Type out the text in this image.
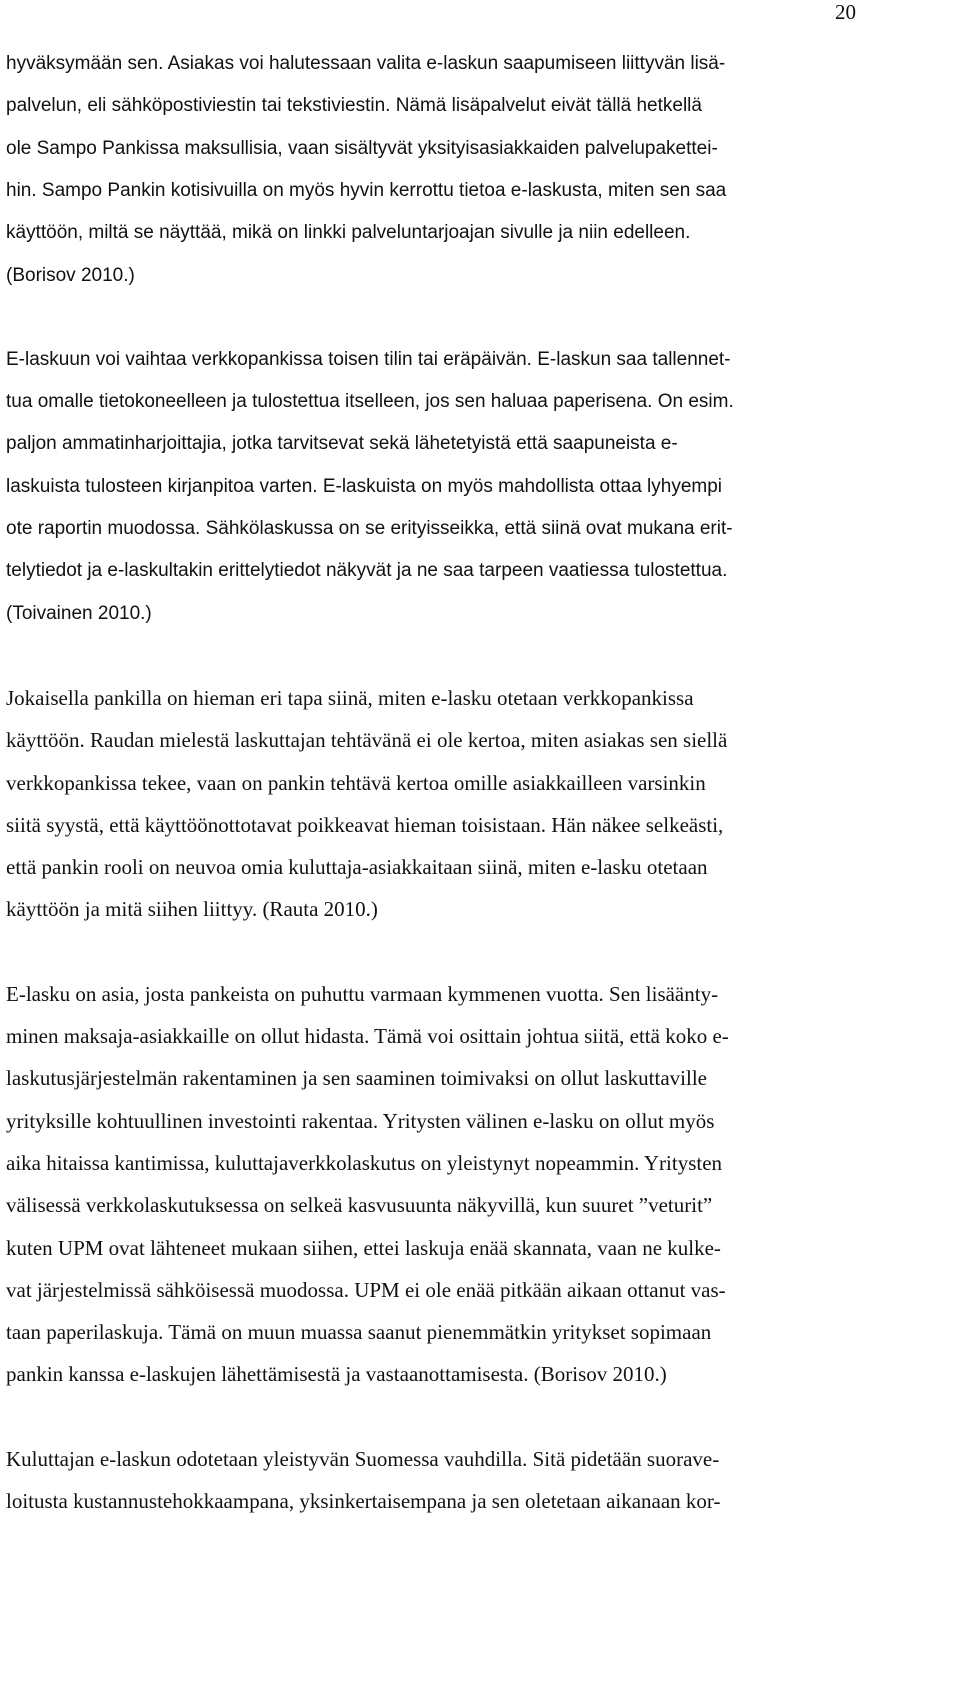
20
hyväksymään sen. Asiakas voi halutessaan valita e-laskun saapumiseen liittyvän lisä-
palvelun, eli sähköpostiviestin tai tekstiviestin. Nämä lisäpalvelut eivät tällä hetkellä
ole Sampo Pankissa maksullisia, vaan sisältyvät yksityisasiakkaiden palvelupakettei-
hin. Sampo Pankin kotisivuilla on myös hyvin kerrottu tietoa e-laskusta, miten sen saa
käyttöön, miltä se näyttää, mikä on linkki palveluntarjoajan sivulle ja niin edelleen.
(Borisov 2010.)
E-laskuun voi vaihtaa verkkopankissa toisen tilin tai eräpäivän. E-laskun saa tallennet-
tua omalle tietokoneelleen ja tulostettua itselleen, jos sen haluaa paperisena. On esim.
paljon ammatinharjoittajia, jotka tarvitsevat sekä lähetetyistä että saapuneista e-
laskuista tulosteen kirjanpitoa varten. E-laskuista on myös mahdollista ottaa lyhyempi
ote raportin muodossa. Sähkölaskussa on se erityisseikka, että siinä ovat mukana erit-
telytiedot ja e-laskultakin erittelytiedot näkyvät ja ne saa tarpeen vaatiessa tulostettua.
(Toivainen 2010.)
Jokaisella pankilla on hieman eri tapa siinä, miten e-lasku otetaan verkkopankissa
käyttöön. Raudan mielestä laskuttajan tehtävänä ei ole kertoa, miten asiakas sen siellä
verkkopankissa tekee, vaan on pankin tehtävä kertoa omille asiakkailleen varsinkin
siitä syystä, että käyttöönottotavat poikkeavat hieman toisistaan. Hän näkee selkeästi,
että pankin rooli on neuvoa omia kuluttaja-asiakkaitaan siinä, miten e-lasku otetaan
käyttöön ja mitä siihen liittyy. (Rauta 2010.)
E-lasku on asia, josta pankeista on puhuttu varmaan kymmenen vuotta. Sen lisäänty-
minen maksaja-asiakkaille on ollut hidasta. Tämä voi osittain johtua siitä, että koko e-
laskutusjärjestelmän rakentaminen ja sen saaminen toimivaksi on ollut laskuttaville
yrityksille kohtuullinen investointi rakentaa. Yritysten välinen e-lasku on ollut myös
aika hitaissa kantimissa, kuluttajaverkkolaskutus on yleistynyt nopeammin. Yritysten
välisessä verkkolaskutuksessa on selkeä kasvusuunta näkyvillä, kun suuret ”veturit”
kuten UPM ovat lähteneet mukaan siihen, ettei laskuja enää skannata, vaan ne kulke-
vat järjestelmissä sähköisessä muodossa. UPM ei ole enää pitkään aikaan ottanut vas-
taan paperilaskuja. Tämä on muun muassa saanut pienemmätkin yritykset sopimaan
pankin kanssa e-laskujen lähettämisestä ja vastaanottamisesta. (Borisov 2010.)
Kuluttajan e-laskun odotetaan yleistyvän Suomessa vauhdilla. Sitä pidetään suorave-
loitusta kustannustehokkaampana, yksinkertaisempana ja sen oletetaan aikanaan kor-
